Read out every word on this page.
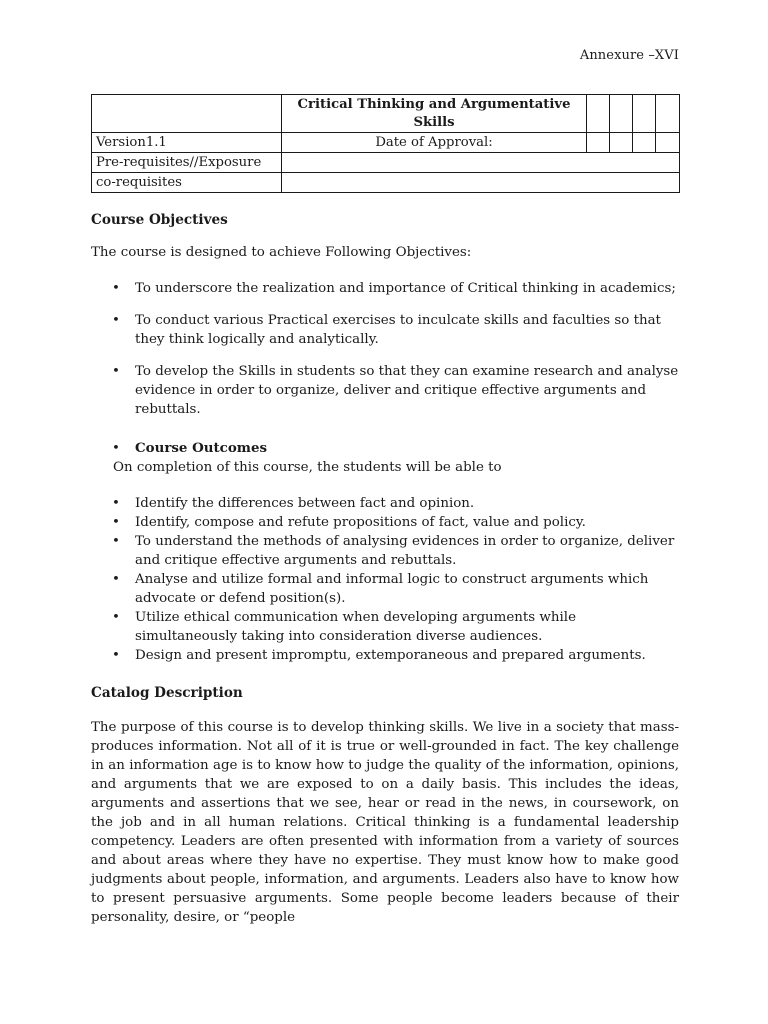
Annexure –XVI
	Critical Thinking and Argumentative Skills				
Version1.1	Date of Approval:				
Pre-requisites//Exposure					
co-requisites					
Course Objectives

The course is designed to achieve Following Objectives:

• To underscore the realization and importance of Critical thinking in academics;
• To conduct various Practical exercises to inculcate skills and faculties so that they think logically and analytically.
• To develop the Skills in students so that they can examine research and analyse evidence in order to organize, deliver and critique effective arguments and rebuttals.
• Course Outcomes

On completion of this course, the students will be able to

• Identify the differences between fact and opinion.
• Identify, compose and refute propositions of fact, value and policy.
• To understand the methods of analysing evidences in order to organize, deliver and critique effective arguments and rebuttals.
• Analyse and utilize formal and informal logic to construct arguments which advocate or defend position(s).
• Utilize ethical communication when developing arguments while simultaneously taking into consideration diverse audiences.
• Design and present impromptu, extemporaneous and prepared arguments.
Catalog Description

The purpose of this course is to develop thinking skills. We live in a society that mass-produces information. Not all of it is true or well-grounded in fact. The key challenge in an information age is to know how to judge the quality of the information, opinions, and arguments that we are exposed to on a daily basis. This includes the ideas, arguments and assertions that we see, hear or read in the news, in coursework, on the job and in all human relations. Critical thinking is a fundamental leadership competency. Leaders are often presented with information from a variety of sources and about areas where they have no expertise. They must know how to make good judgments about people, information, and arguments. Leaders also have to know how to present persuasive arguments. Some people become leaders because of their personality, desire, or “people
